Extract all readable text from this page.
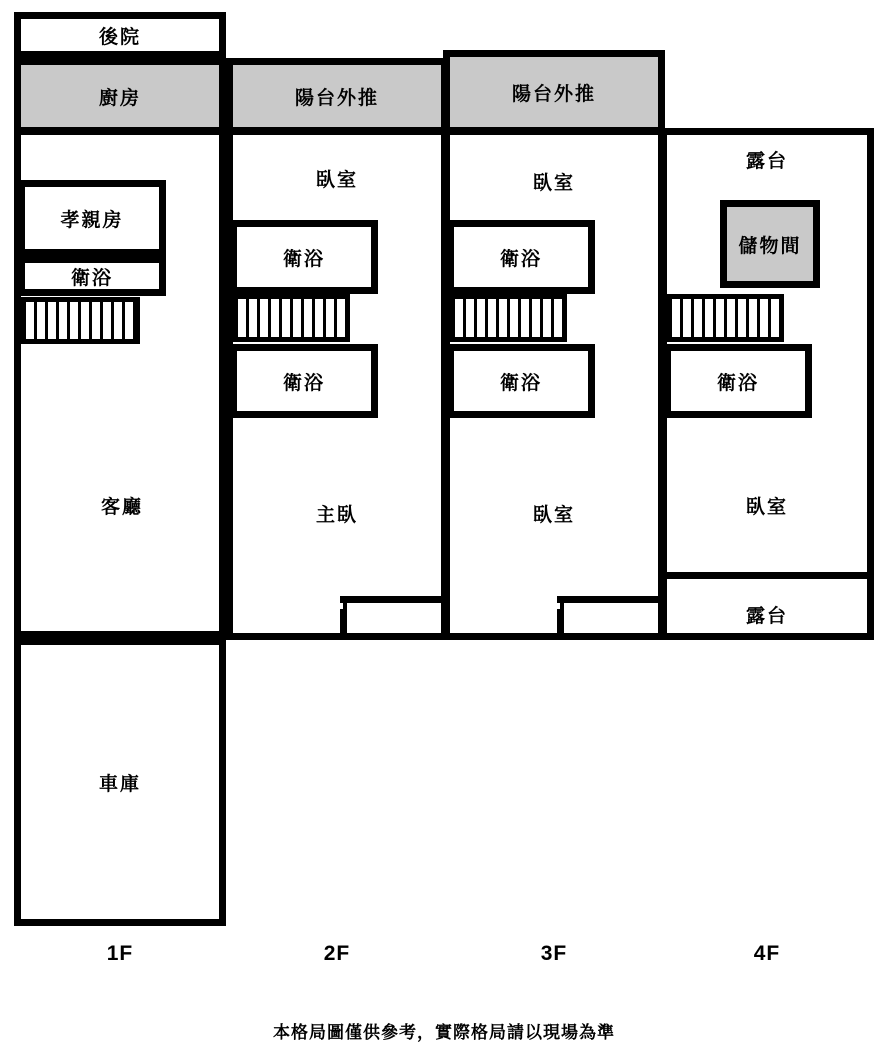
後院
廚房
孝親房
衛浴
客廳
車庫
1F
陽台外推
臥室
衛浴
衛浴
主臥
2F
陽台外推
臥室
衛浴
衛浴
臥室
3F
露台
儲物間
衛浴
臥室
露台
4F
本格局圖僅供參考，實際格局請以現場為準
